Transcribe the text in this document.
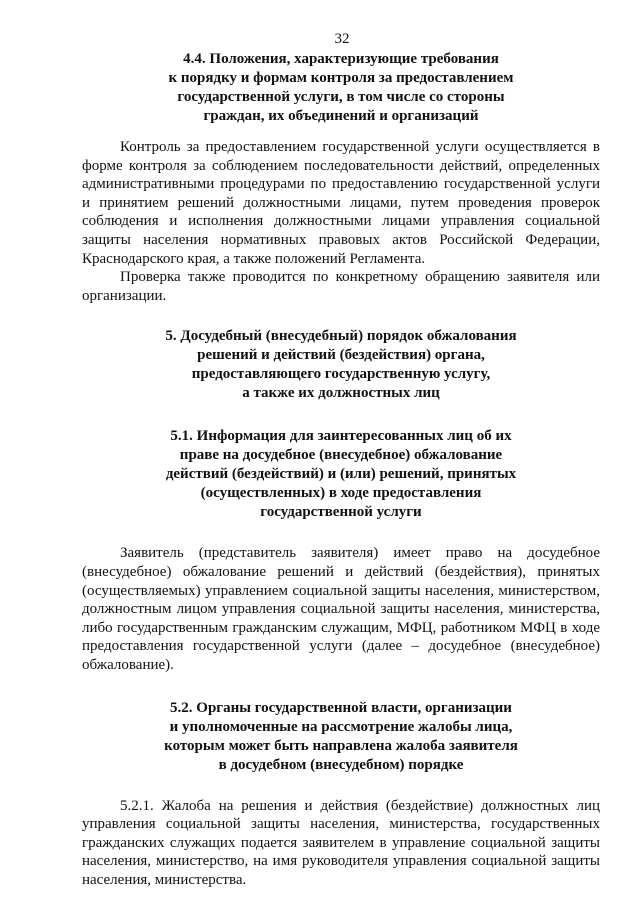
32
4.4. Положения, характеризующие требования
к порядку и формам контроля за предоставлением
государственной услуги, в том числе со стороны
граждан, их объединений и организаций

Контроль за предоставлением государственной услуги осуществляется в форме контроля за соблюдением последовательности действий, определенных административными процедурами по предоставлению государственной услуги и принятием решений должностными лицами, путем проведения проверок соблюдения и исполнения должностными лицами управления социальной защиты населения нормативных правовых актов Российской Федерации, Краснодарского края, а также положений Регламента.

Проверка также проводится по конкретному обращению заявителя или организации.

5. Досудебный (внесудебный) порядок обжалования
решений и действий (бездействия) органа,
предоставляющего государственную услугу,
а также их должностных лиц
5.1. Информация для заинтересованных лиц об их
праве на досудебное (внесудебное) обжалование
действий (бездействий) и (или) решений, принятых
(осуществленных) в ходе предоставления
государственной услуги

Заявитель (представитель заявителя) имеет право на досудебное (внесудебное) обжалование решений и действий (бездействия), принятых (осуществляемых) управлением социальной защиты населения, министерством, должностным лицом управления социальной защиты населения, министерства, либо государственным гражданским служащим, МФЦ, работником МФЦ в ходе предоставления государственной услуги (далее – досудебное (внесудебное) обжалование).

5.2. Органы государственной власти, организации
и уполномоченные на рассмотрение жалобы лица,
которым может быть направлена жалоба заявителя
в досудебном (внесудебном) порядке

5.2.1. Жалоба на решения и действия (бездействие) должностных лиц управления социальной защиты населения, министерства, государственных гражданских служащих подается заявителем в управление социальной защиты населения, министерство, на имя руководителя управления социальной защиты населения, министерства.
